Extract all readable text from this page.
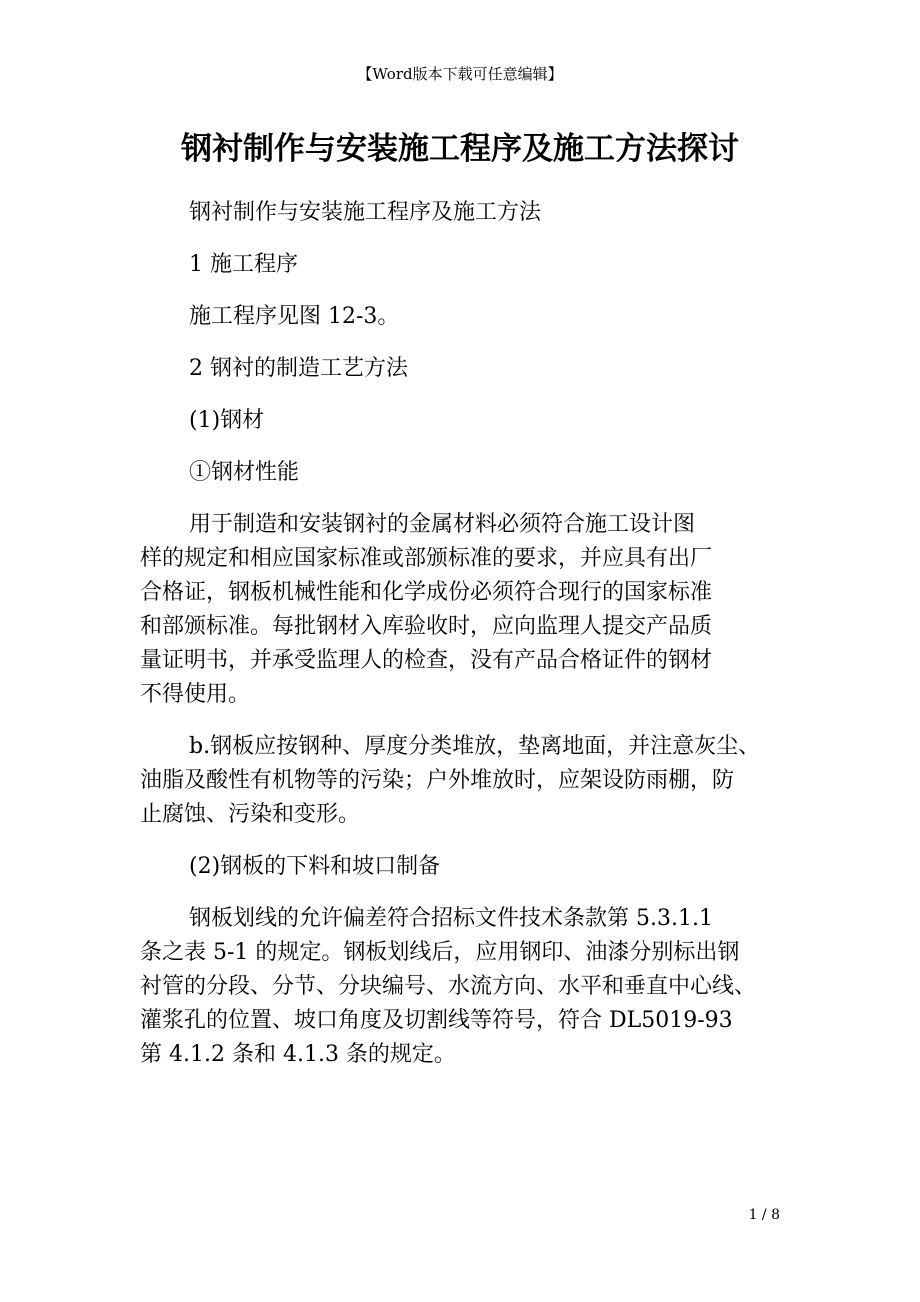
【Word版本下载可任意编辑】
钢衬制作与安装施工程序及施工方法探讨

钢衬制作与安装施工程序及施工方法

1 施工程序

施工程序见图 12-3。

2 钢衬的制造工艺方法

(1)钢材

①钢材性能

用于制造和安装钢衬的金属材料必须符合施工设计图
样的规定和相应国家标准或部颁标准的要求，并应具有出厂
合格证，钢板机械性能和化学成份必须符合现行的国家标准
和部颁标准。每批钢材入库验收时，应向监理人提交产品质
量证明书，并承受监理人的检查，没有产品合格证件的钢材
不得使用。

b.钢板应按钢种、厚度分类堆放，垫离地面，并注意灰尘、
油脂及酸性有机物等的污染；户外堆放时，应架设防雨棚，防
止腐蚀、污染和变形。

(2)钢板的下料和坡口制备

钢板划线的允许偏差符合招标文件技术条款第 5.3.1.1
条之表 5-1 的规定。钢板划线后，应用钢印、油漆分别标出钢
衬管的分段、分节、分块编号、水流方向、水平和垂直中心线、
灌浆孔的位置、坡口角度及切割线等符号，符合 DL5019-93
第 4.1.2 条和 4.1.3 条的规定。

1 / 8
